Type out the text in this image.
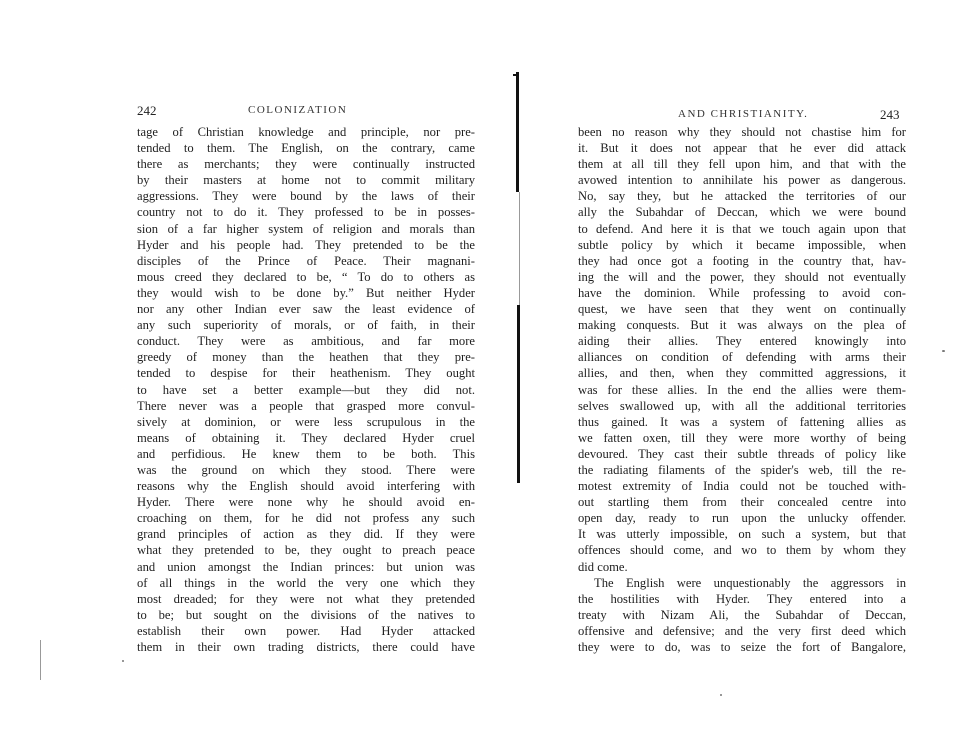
242	COLONIZATION
tage of Christian knowledge and principle, nor pre-
tended to them. The English, on the contrary, came
there as merchants; they were continually instructed
by their masters at home not to commit military
aggressions. They were bound by the laws of their
country not to do it. They professed to be in posses-
sion of a far higher system of religion and morals than
Hyder and his people had. They pretended to be the
disciples of the Prince of Peace. Their magnani-
mous creed they declared to be, “ To do to others as
they would wish to be done by.” But neither Hyder
nor any other Indian ever saw the least evidence of
any such superiority of morals, or of faith, in their
conduct. They were as ambitious, and far more
greedy of money than the heathen that they pre-
tended to despise for their heathenism. They ought
to have set a better example—but they did not.
There never was a people that grasped more convul-
sively at dominion, or were less scrupulous in the
means of obtaining it. They declared Hyder cruel
and perfidious. He knew them to be both. This
was the ground on which they stood. There were
reasons why the English should avoid interfering with
Hyder. There were none why he should avoid en-
croaching on them, for he did not profess any such
grand principles of action as they did. If they were
what they pretended to be, they ought to preach peace
and union amongst the Indian princes: but union was
of all things in the world the very one which they
most dreaded; for they were not what they pretended
to be; but sought on the divisions of the natives to
establish their own power. Had Hyder attacked
them in their own trading districts, there could have
AND CHRISTIANITY.	243
been no reason why they should not chastise him for
it. But it does not appear that he ever did attack
them at all till they fell upon him, and that with the
avowed intention to annihilate his power as dangerous.
No, say they, but he attacked the territories of our
ally the Subahdar of Deccan, which we were bound
to defend. And here it is that we touch again upon that
subtle policy by which it became impossible, when
they had once got a footing in the country that, hav-
ing the will and the power, they should not eventually
have the dominion. While professing to avoid con-
quest, we have seen that they went on continually
making conquests. But it was always on the plea of
aiding their allies. They entered knowingly into
alliances on condition of defending with arms their
allies, and then, when they committed aggressions, it
was for these allies. In the end the allies were them-
selves swallowed up, with all the additional territories
thus gained. It was a system of fattening allies as
we fatten oxen, till they were more worthy of being
devoured. They cast their subtle threads of policy like
the radiating filaments of the spider's web, till the re-
motest extremity of India could not be touched with-
out startling them from their concealed centre into
open day, ready to run upon the unlucky offender.
It was utterly impossible, on such a system, but that
offences should come, and wo to them by whom they
did come.
The English were unquestionably the aggressors in
the hostilities with Hyder. They entered into a
treaty with Nizam Ali, the Subahdar of Deccan,
offensive and defensive; and the very first deed which
they were to do, was to seize the fort of Bangalore,
